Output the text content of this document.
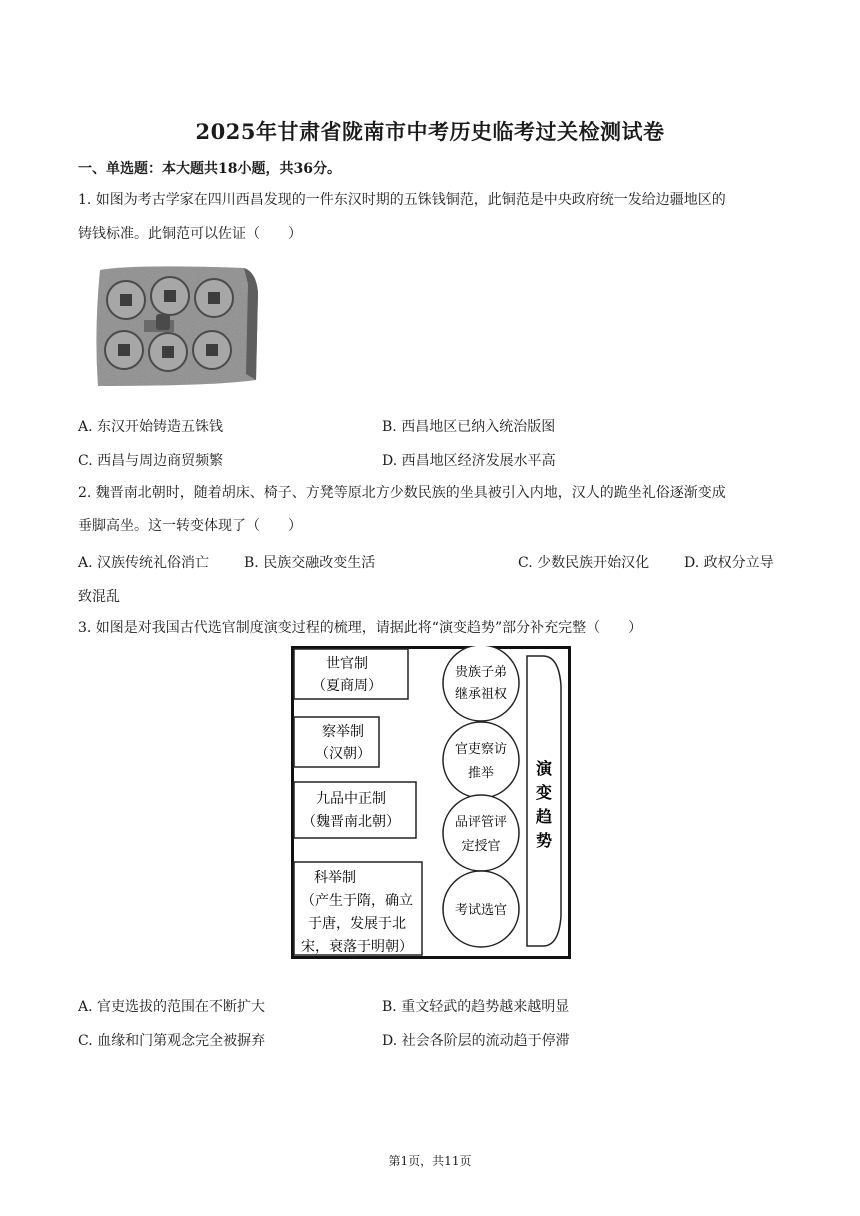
2025年甘肃省陇南市中考历史临考过关检测试卷
一、单选题：本大题共18小题，共36分。
1. 如图为考古学家在四川西昌发现的一件东汉时期的五铢钱铜范，此铜范是中央政府统一发给边疆地区的
铸钱标准。此铜范可以佐证（　　）
A. 东汉开始铸造五铢钱	B. 西昌地区已纳入统治版图
C. 西昌与周边商贸频繁	D. 西昌地区经济发展水平高
2. 魏晋南北朝时，随着胡床、椅子、方凳等原北方少数民族的坐具被引入内地，汉人的跪坐礼俗逐渐变成
垂脚高坐。这一转变体现了（　　）
A. 汉族传统礼俗消亡 B. 民族交融改变生活	C. 少数民族开始汉化 D. 政权分立导
致混乱
3. 如图是对我国古代选官制度演变过程的梳理，请据此将“演变趋势”部分补充完整（　　）
世官制
（夏商周）
察举制
（汉朝）
九品中正制
（魏晋南北朝）
科举制
（产生于隋，确立
于唐，发展于北
宋，衰落于明朝）
贵族子弟
继承祖权
官吏察访
推举
品评管评
定授官
考试选官
演
变
趋
势
A. 官吏选拔的范围在不断扩大	B. 重文轻武的趋势越来越明显
C. 血缘和门第观念完全被摒弃	D. 社会各阶层的流动趋于停滞
第1页，共11页
